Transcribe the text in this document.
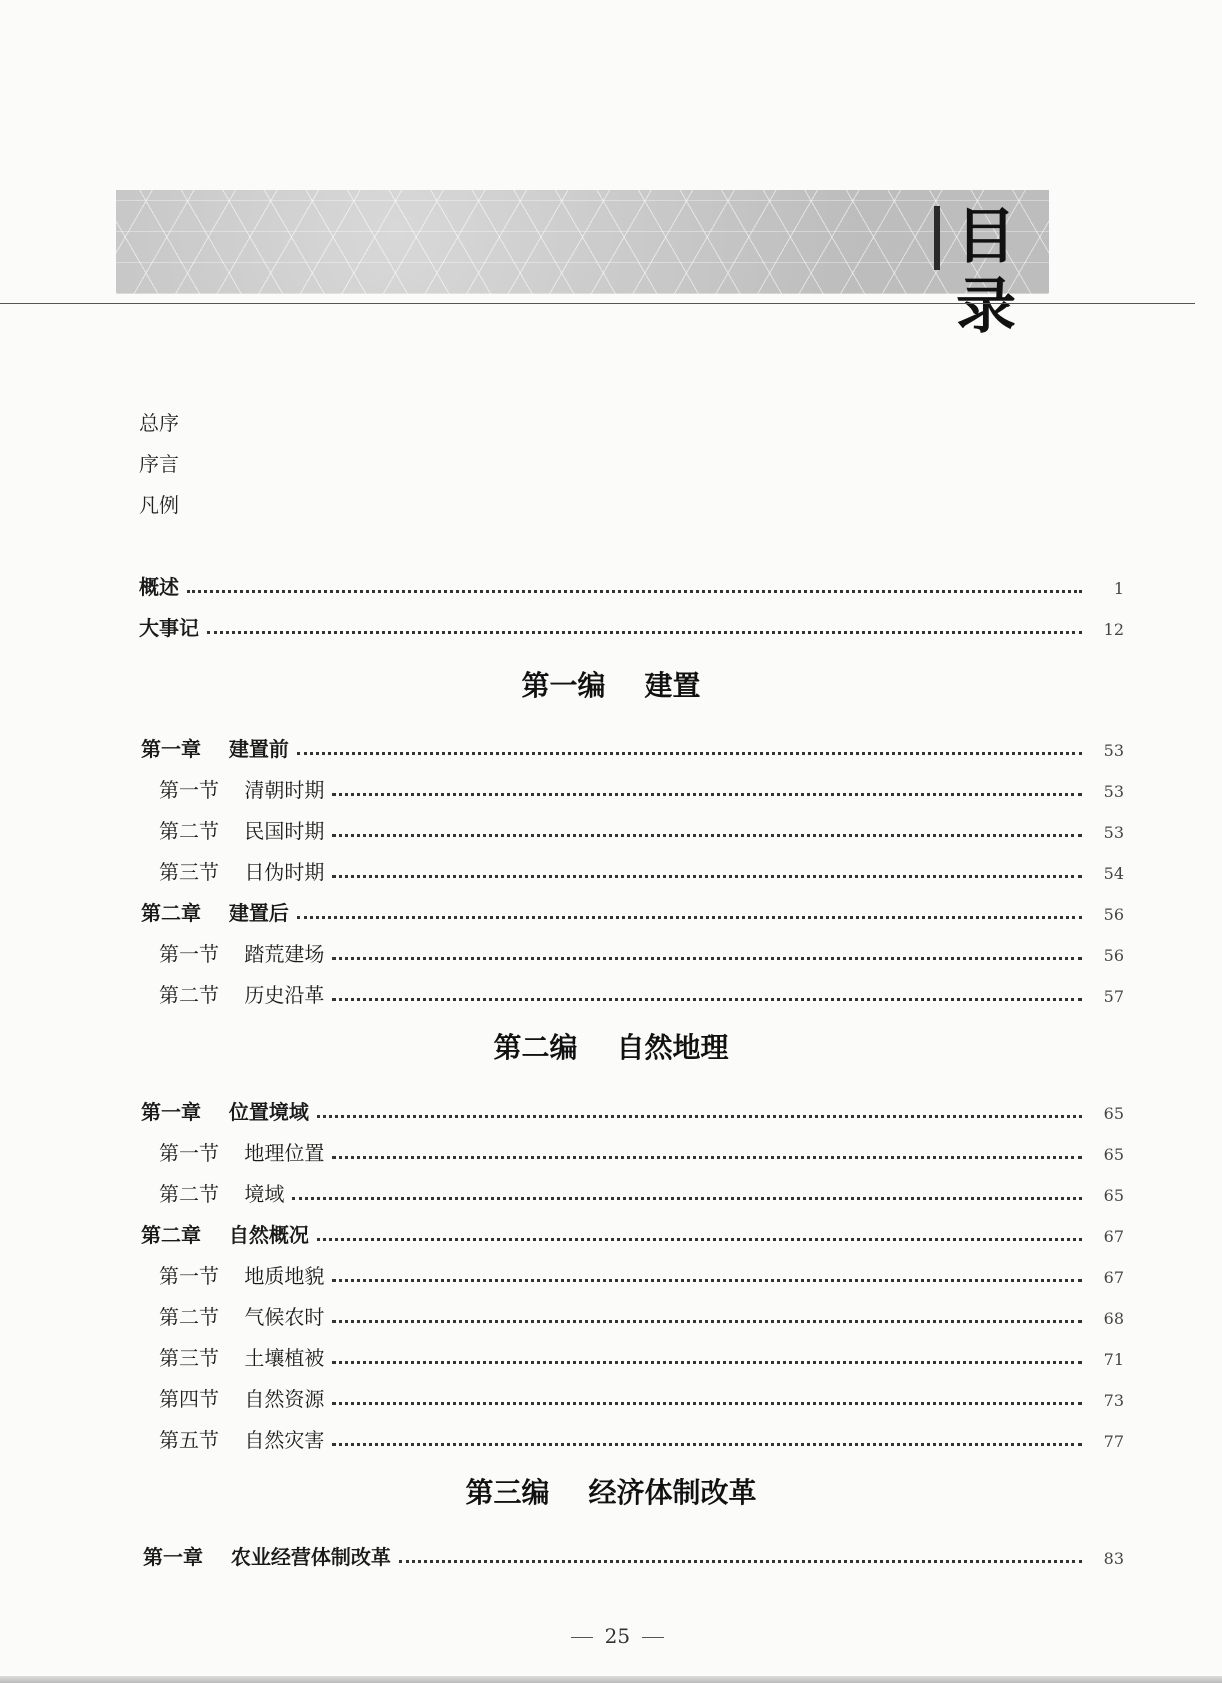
目 录
总序
序言
凡例
概述	1
大事记	12
第一编    建置
第一章    建置前	53
第一节    清朝时期	53
第二节    民国时期	53
第三节    日伪时期	54
第二章    建置后	56
第一节    踏荒建场	56
第二节    历史沿革	57
第二编    自然地理
第一章    位置境域	65
第一节    地理位置	65
第二节    境域	65
第二章    自然概况	67
第一节    地质地貌	67
第二节    气候农时	68
第三节    土壤植被	71
第四节    自然资源	73
第五节    自然灾害	77
第三编    经济体制改革
第一章    农业经营体制改革	83

25
